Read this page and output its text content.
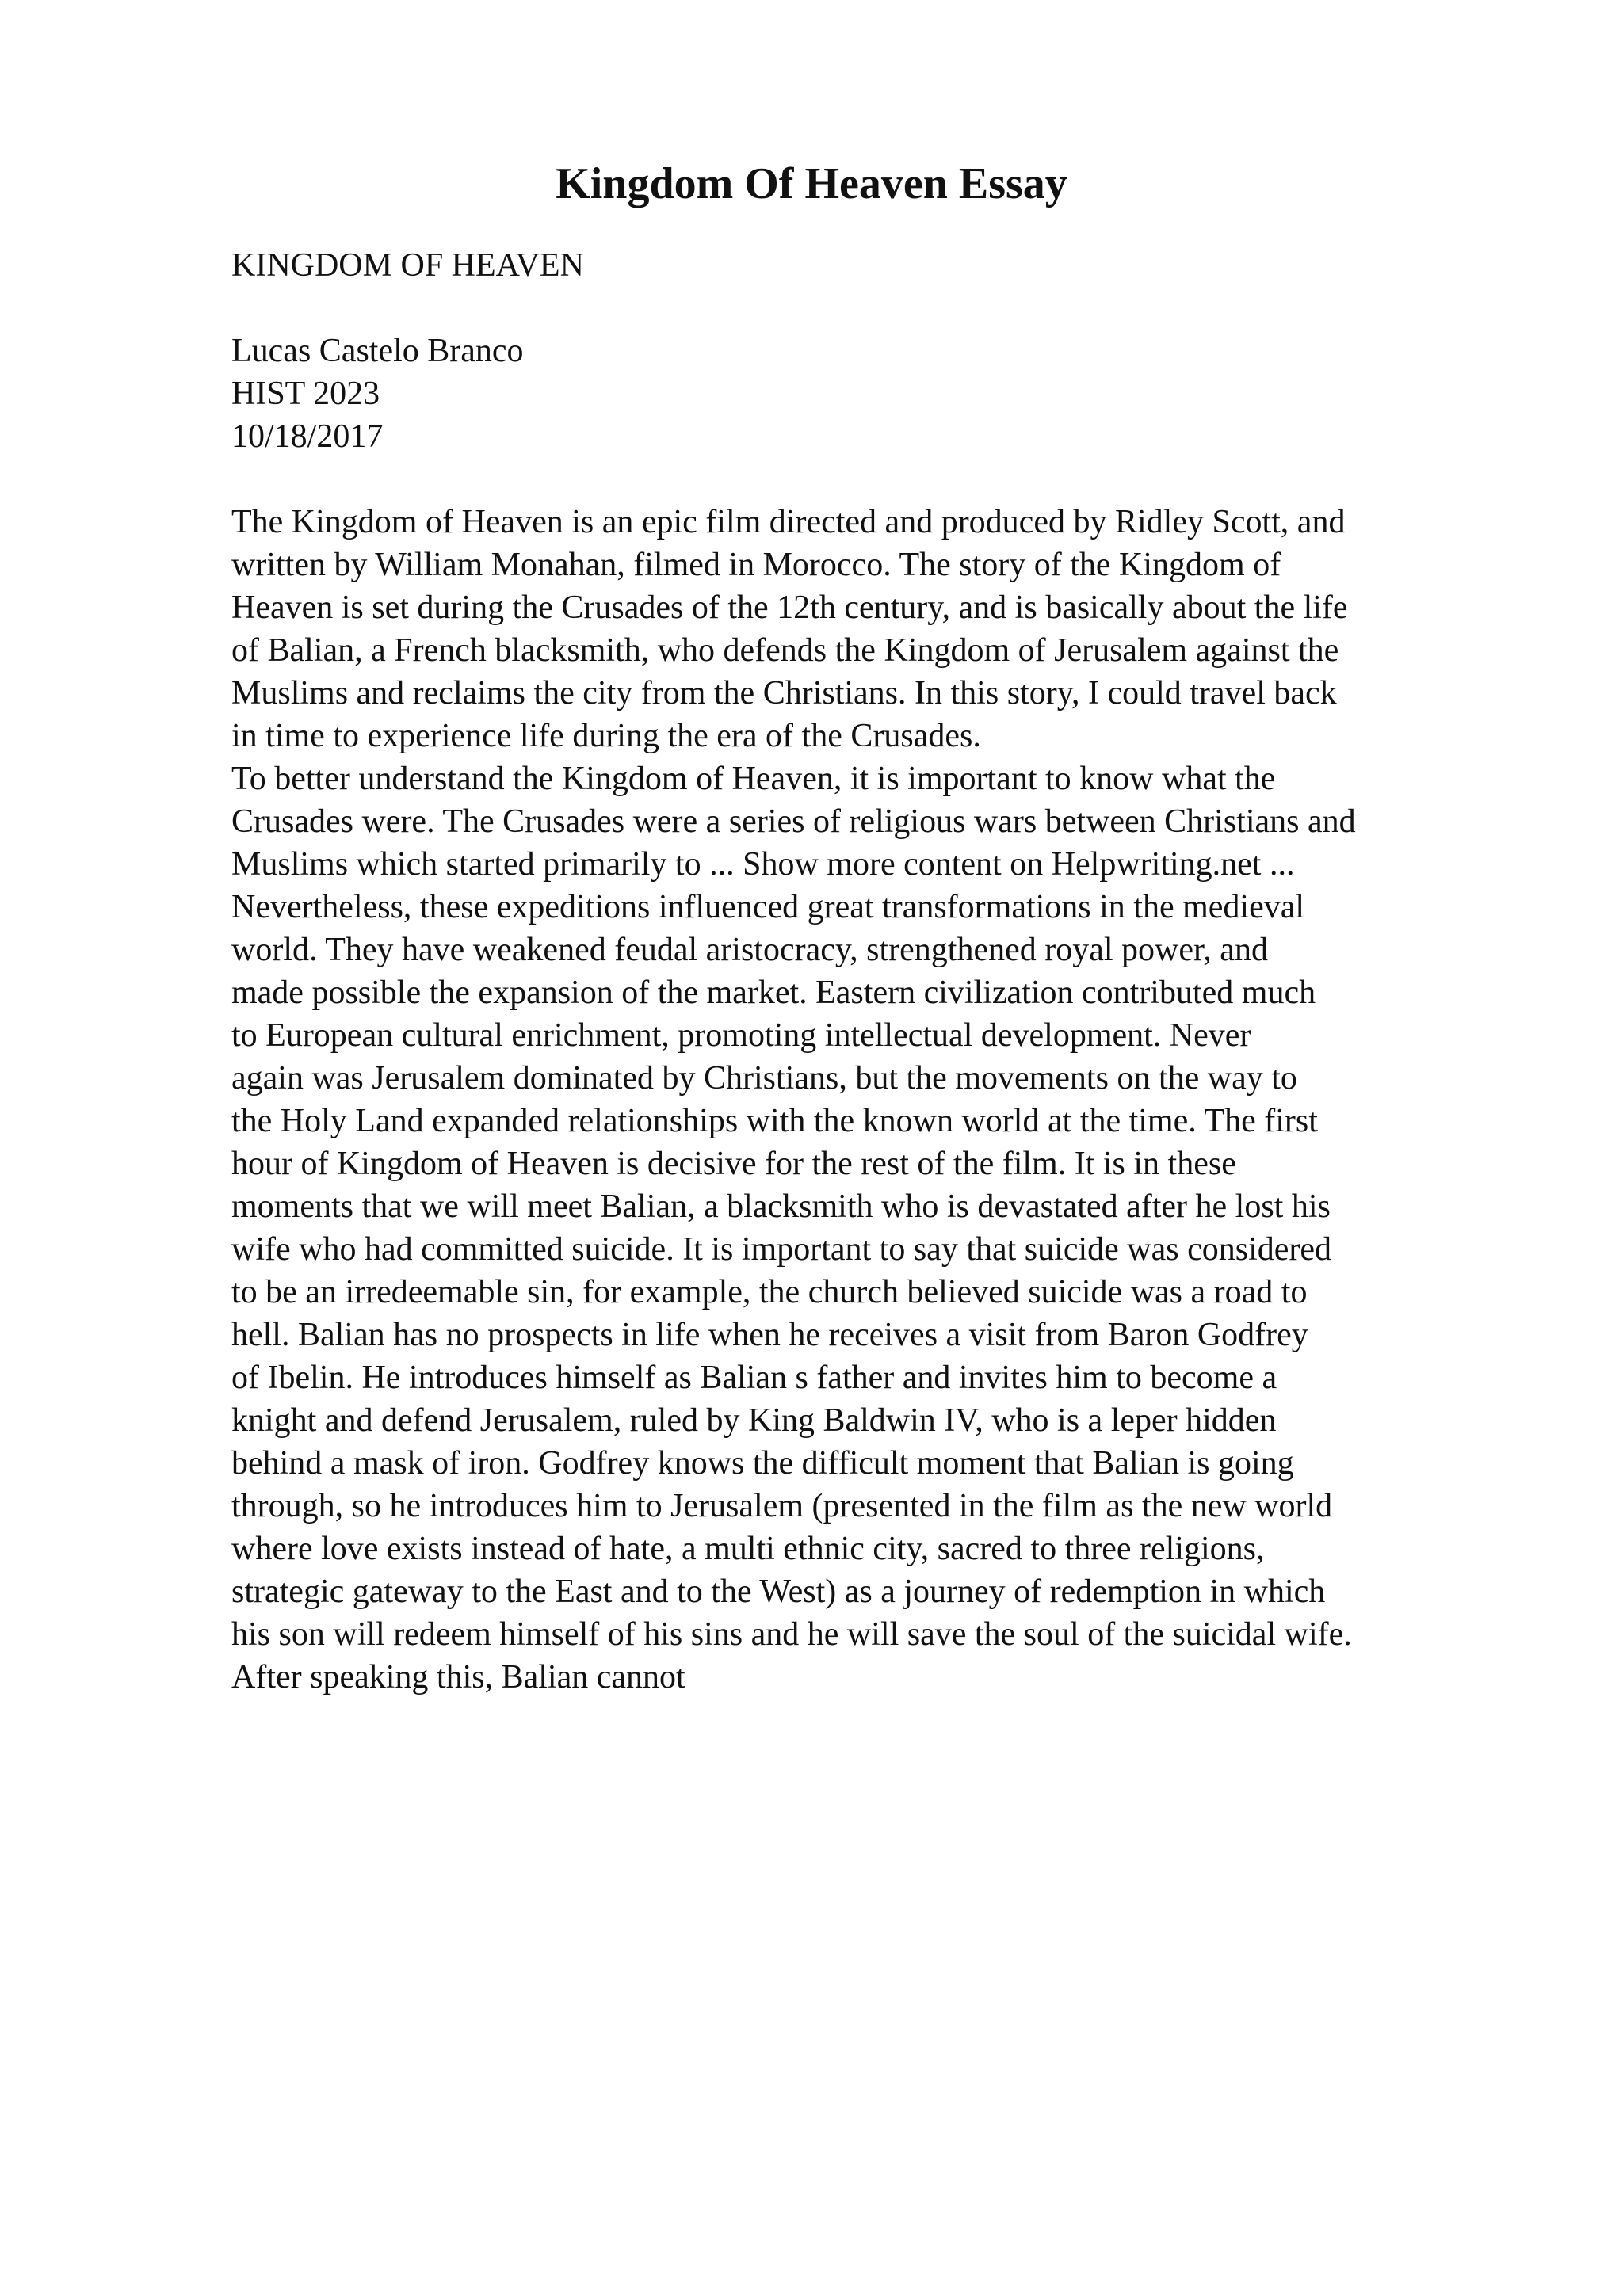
Kingdom Of Heaven Essay
KINGDOM OF HEAVEN
Lucas Castelo Branco
HIST 2023
10/18/2017
The Kingdom of Heaven is an epic film directed and produced by Ridley Scott, and
written by William Monahan, filmed in Morocco. The story of the Kingdom of
Heaven is set during the Crusades of the 12th century, and is basically about the life
of Balian, a French blacksmith, who defends the Kingdom of Jerusalem against the
Muslims and reclaims the city from the Christians. In this story, I could travel back
in time to experience life during the era of the Crusades.
To better understand the Kingdom of Heaven, it is important to know what the
Crusades were. The Crusades were a series of religious wars between Christians and
Muslims which started primarily to ... Show more content on Helpwriting.net ...
Nevertheless, these expeditions influenced great transformations in the medieval
world. They have weakened feudal aristocracy, strengthened royal power, and
made possible the expansion of the market. Eastern civilization contributed much
to European cultural enrichment, promoting intellectual development. Never
again was Jerusalem dominated by Christians, but the movements on the way to
the Holy Land expanded relationships with the known world at the time. The first
hour of Kingdom of Heaven is decisive for the rest of the film. It is in these
moments that we will meet Balian, a blacksmith who is devastated after he lost his
wife who had committed suicide. It is important to say that suicide was considered
to be an irredeemable sin, for example, the church believed suicide was a road to
hell. Balian has no prospects in life when he receives a visit from Baron Godfrey
of Ibelin. He introduces himself as Balian s father and invites him to become a
knight and defend Jerusalem, ruled by King Baldwin IV, who is a leper hidden
behind a mask of iron. Godfrey knows the difficult moment that Balian is going
through, so he introduces him to Jerusalem (presented in the film as the new world
where love exists instead of hate, a multi ethnic city, sacred to three religions,
strategic gateway to the East and to the West) as a journey of redemption in which
his son will redeem himself of his sins and he will save the soul of the suicidal wife.
After speaking this, Balian cannot
